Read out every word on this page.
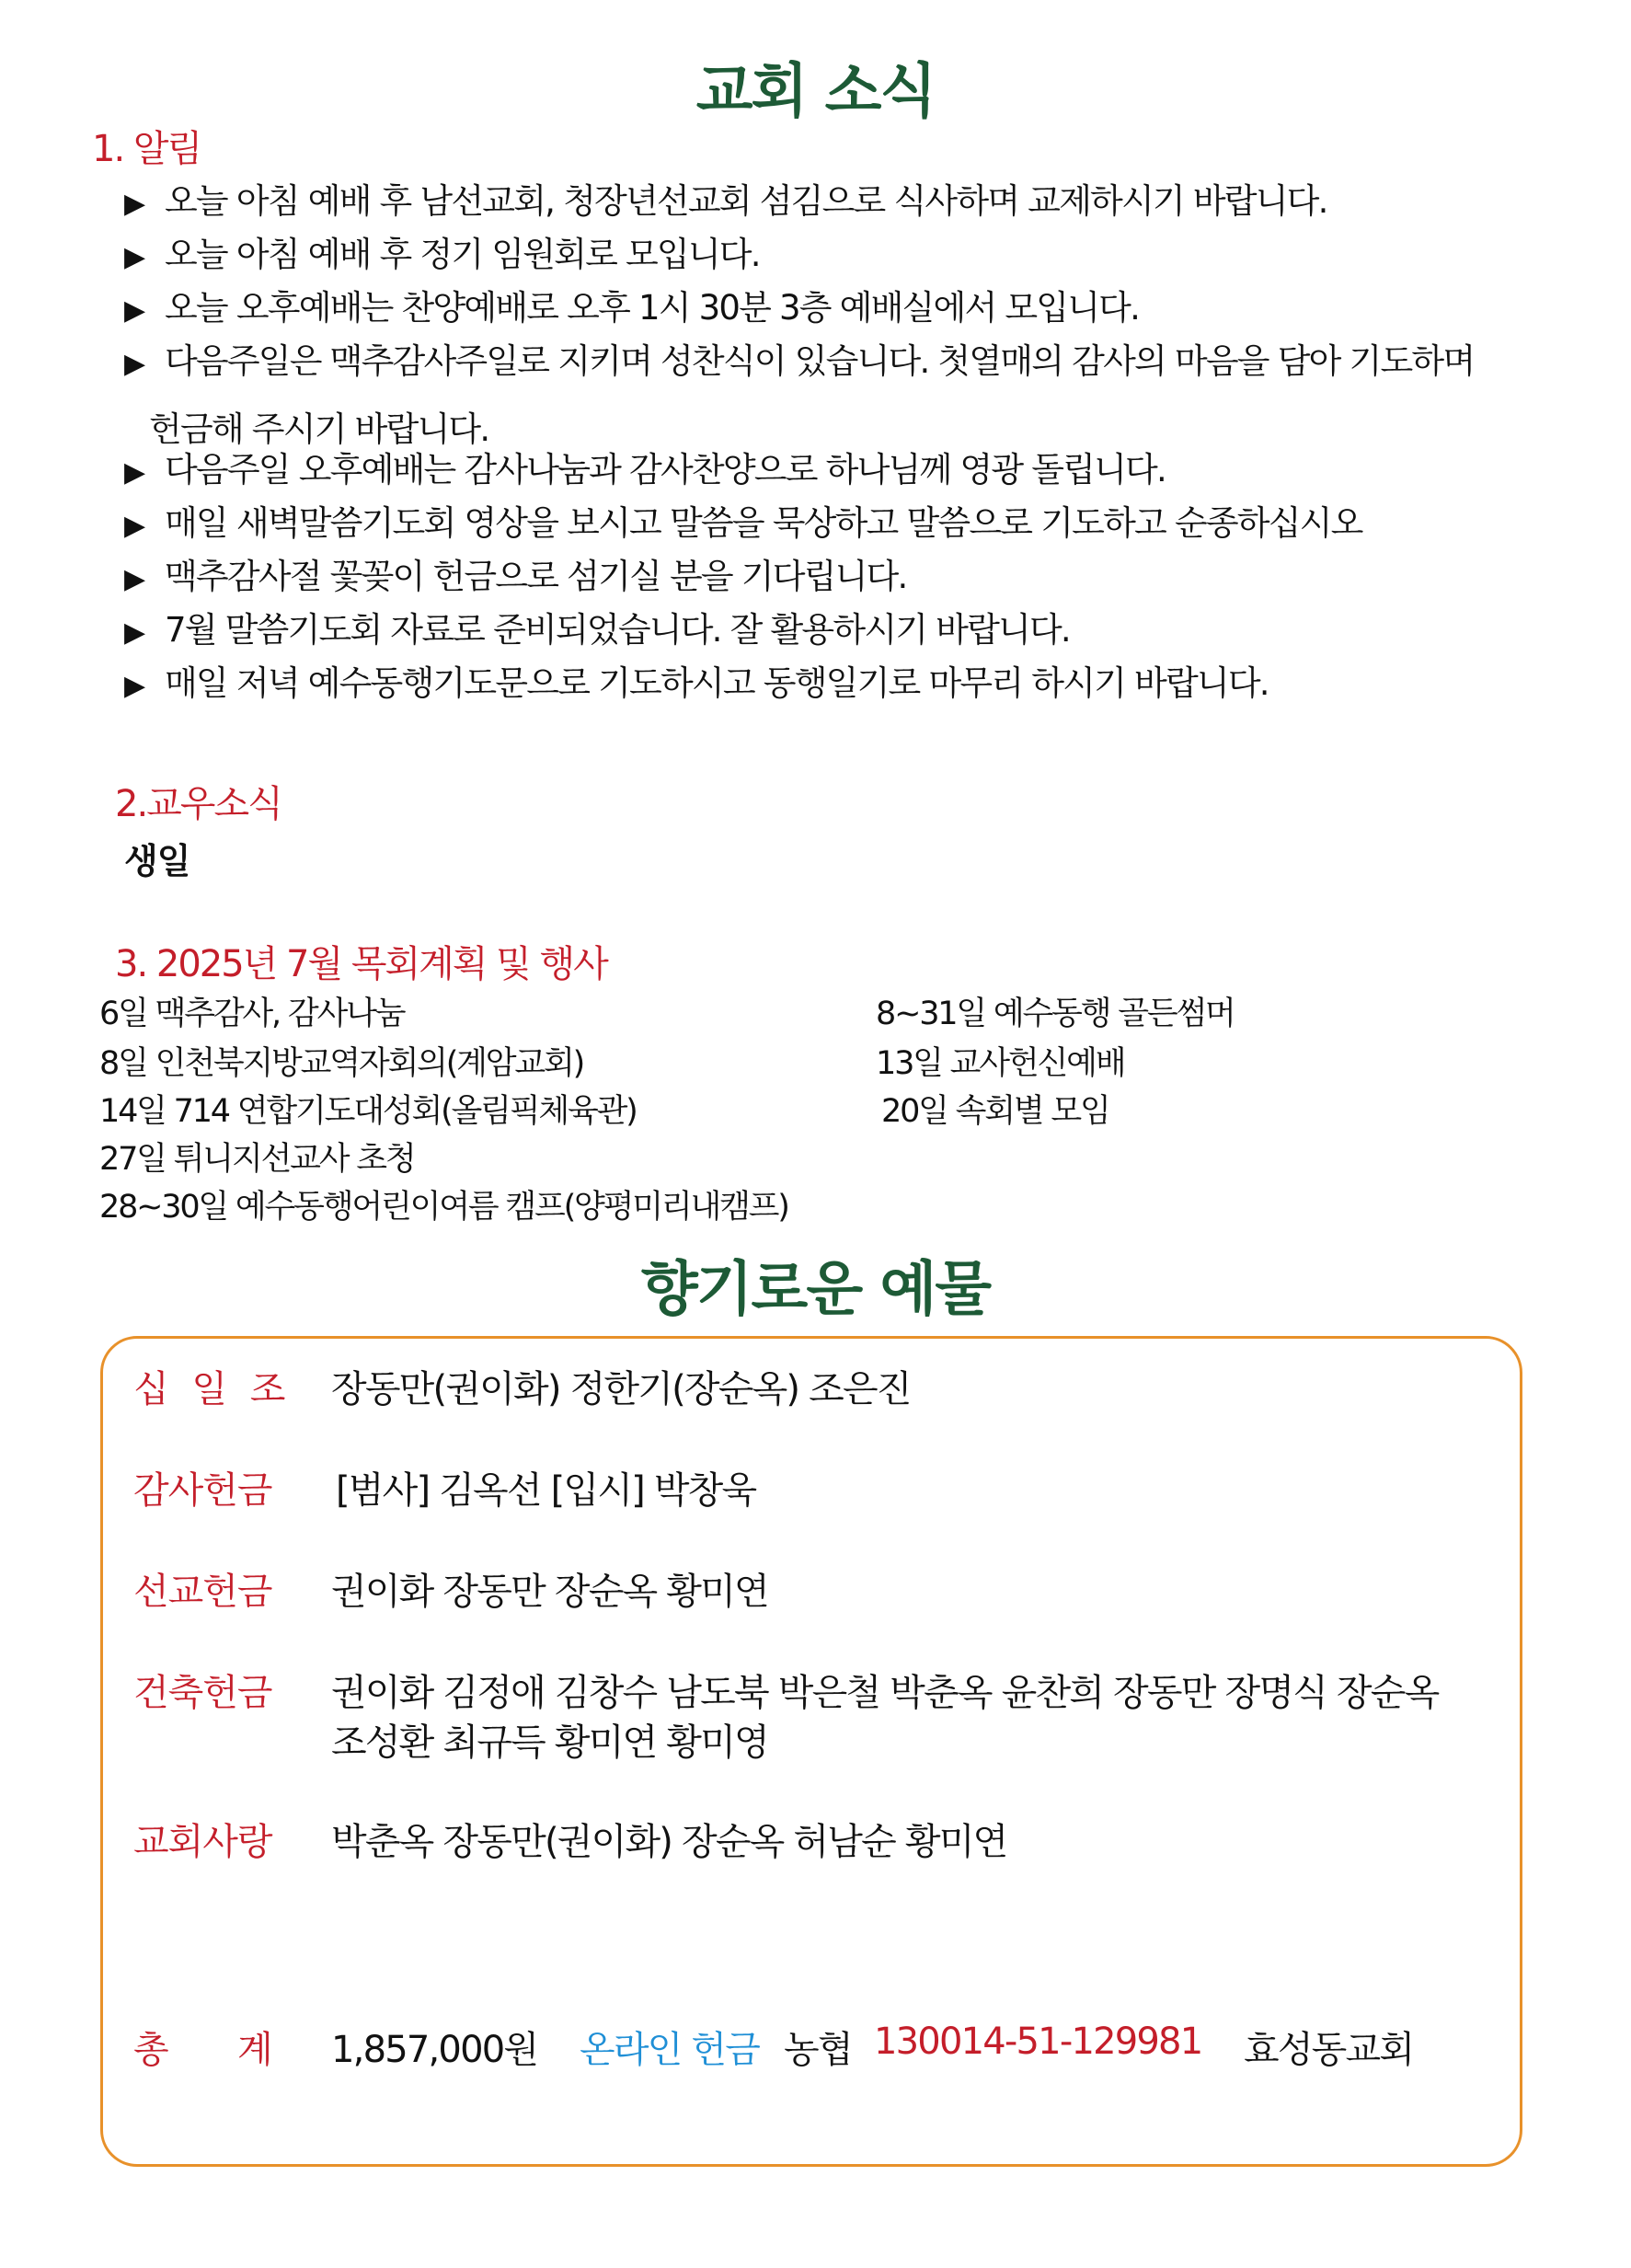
교회 소식
1. 알림
▶ 오늘 아침 예배 후 남선교회, 청장년선교회 섬김으로 식사하며 교제하시기 바랍니다.
▶ 오늘 아침 예배 후 정기 임원회로 모입니다.
▶ 오늘 오후예배는 찬양예배로 오후 1시 30분 3층 예배실에서 모입니다.
▶ 다음주일은 맥추감사주일로 지키며 성찬식이 있습니다. 첫열매의 감사의 마음을 담아 기도하며
헌금해 주시기 바랍니다.
▶ 다음주일 오후예배는 감사나눔과 감사찬양으로 하나님께 영광 돌립니다.
▶ 매일 새벽말씀기도회 영상을 보시고 말씀을 묵상하고 말씀으로 기도하고 순종하십시오
▶ 맥추감사절 꽃꽂이 헌금으로 섬기실 분을 기다립니다.
▶ 7월 말씀기도회 자료로 준비되었습니다. 잘 활용하시기 바랍니다.
▶ 매일 저녁 예수동행기도문으로 기도하시고 동행일기로 마무리 하시기 바랍니다.
2.교우소식
생일
3. 2025년 7월 목회계획 및 행사
6일 맥추감사, 감사나눔
8일 인천북지방교역자회의(계암교회)
14일 714 연합기도대성회(올림픽체육관)
27일 튀니지선교사 초청
28~30일 예수동행어린이여름 캠프(양평미리내캠프)
8~31일 예수동행 골든썸머
13일 교사헌신예배
20일 속회별 모임
향기로운 예물
십 일 조 장동만(권이화) 정한기(장순옥) 조은진
감사헌금 [범사] 김옥선 [입시] 박창욱
선교헌금 권이화 장동만 장순옥 황미연
건축헌금 권이화 김정애 김창수 남도북 박은철 박춘옥 윤찬희 장동만 장명식 장순옥
조성환 최규득 황미연 황미영
교회사랑 박춘옥 장동만(권이화) 장순옥 허남순 황미연
총 계 1,857,000원 온라인 헌금 농협 130014-51-129981 효성동교회
